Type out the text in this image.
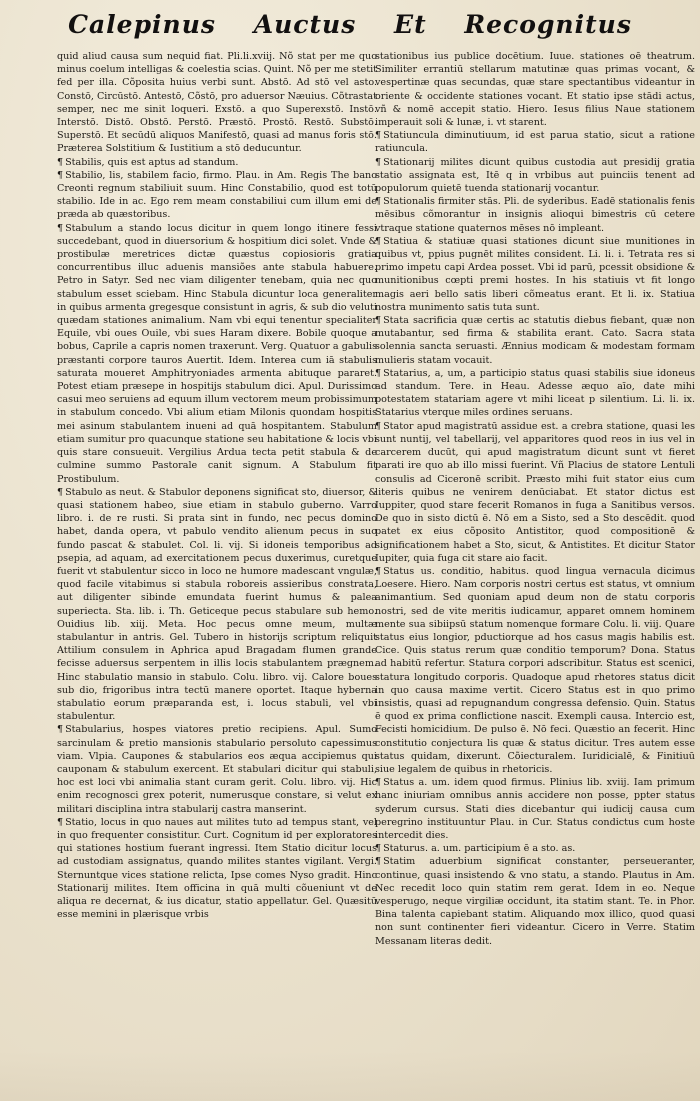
Calepinus Auctus Et Recognitus

quid aliud causa sum nequid fiat. Pli.li.xviij. Nõ stat per me quo minus coelum intelligas & coelestia scias. Quint. Nõ per me stetit fed per illa. Cõposita huius verbi sunt. Abstō. Ad stō vel asto. Constō, Circūstō. Antestō, Cõstō, pro aduersor Næuius. Cõtrastat semper, nec me sinit loqueri. Exstō. a quo Superexstō. Instō. Interstō. Distō. Obstō. Perstō. Præstō. Prostō. Restō. Substō. Superstō. Et secūdū aliquos Manifestō, quasi ad manus foris stō. Præterea Solstitium & Iustitium a stō deducuntur.

¶ Stabilis, quis est aptus ad standum.

¶ Stabilio, lis, stabilem facio, firmo. Plau. in Am. Regis The bano Creonti regnum stabiliuit suum. Hinc Constabilio, quod est totū stabilio. Ide in ac. Ego rem meam constabiliui cum illum emi de præda ab quæstoribus.

¶ Stabulum a stando locus dicitur in quem longo itinere fessi succedebant, quod in diuersorium & hospitium dici solet. Vnde & prostibulæ meretrices dictæ quæstus copiosioris gratia concurrentibus illuc aduenis mansiões ante stabula habuere. Petro in Satyr. Sed nec viam diligenter tenebam, quia nec quo stabulum esset sciebam. Hinc Stabula dicuntur loca generaliter in quibus armenta gregesque consistunt in agris, & sub dio veluti quædam stationes animalium. Nam vbi equi tenentur specialiter Equile, vbi oues Ouile, vbi sues Haram dixere. Bobile quoque a bobus, Caprile a capris nomen traxerunt. Verg. Quatuor a gabulis præstanti corpore tauros Auertit. Idem. Interea cum iā stabulis saturata moueret Amphitryoniades armenta abituque pararet. Potest etiam præsepe in hospitijs stabulum dici. Apul. Durissimo casui meo seruiens ad equum illum vectorem meum probissimum in stabulum concedo. Vbi alium etiam Milonis quondam hospitis mei asinum stabulantem inueni ad quā hospitantem. Stabulum etiam sumitur pro quacunque statione seu habitatione & locis vbi quis stare consueuit. Vergilius Ardua tecta petit stabula & de culmine summo Pastorale canit signum. A Stabulum fit Prostibulum.

¶ Stabulo as neut. & Stabulor deponens significat sto, diuersor, & quasi stationem habeo, siue etiam in stabulo guberno. Varro libro. i. de re rusti. Si prata sint in fundo, nec pecus domino habet, danda opera, vt pabulo vendito alienum pecus in suo fundo pascat & stabulet. Col. li. vij. Si idoneis temporibus ad psepia, ad aquam, ad exercitationem pecus duxerimus, curetque fuerit vt stabulentur sicco in loco ne humore madescant vngulæ, quod facile vitabimus si stabula roboreis assieribus constrata, aut diligenter sibinde emundata fuerint humus & palea superiecta. Sta. lib. i. Th. Geticeque pecus stabulare sub hemo. Ouidius lib. xiij. Meta. Hoc pecus omne meum, multæ stabulantur in antris. Gel. Tubero in historijs scriptum reliquit Attilium consulem in Aphrica apud Bragadam flumen grande fecisse aduersus serpentem in illis locis stabulantem prægnem. Hinc stabulatio mansio in stabulo. Colu. libro. vij. Calore boues sub dio, frigoribus intra tectū manere oportet. Itaque hyberna stabulatio eorum præparanda est, i. locus stabuli, vel vbi stabulentur.

¶ Stabularius, hospes viatores pretio recipiens. Apul. Sumo sarcinulam & pretio mansionis stabulario persoluto capessimus viam. Vlpia. Caupones & stabularios eos æqua accipiemus qui cauponam & stabulum exercent. Et stabulari dicitur qui stabuli, hoc est loci vbi animalia stant curam gerit. Colu. libro. vij. Hic enim recognosci grex poterit, numerusque constare, si velut ex militari disciplina intra stabularij castra manserint.

¶ Statio, locus in quo naues aut milites tuto ad tempus stant, vel in quo frequenter consistitur. Curt. Cognitum id per exploratores qui stationes hostium fuerant ingressi. Item Statio dicitur locus ad custodiam assignatus, quando milites stantes vigilant. Vergi. Sternuntque vices statione relicta, Ipse comes Nyso gradit. Hinc Stationarij milites. Item officina in quā multi cõueniunt vt de aliqua re decernat, & ius dicatur, statio appellatur. Gel. Quæsitū esse memini in plærisque vrbis

stationibus ius publice docētium. Iuue. stationes oē theatrum. Similiter errantiū stellarum matutinæ quas primas vocant, & vespertinæ quas secundas, quæ stare spectantibus videantur in oriente & occidente stationes vocant. Et statio ipse stādi actus, vñ & nomē accepit statio. Hiero. Iesus filius Naue stationem imperauit soli & lunæ, i. vt starent.

¶ Statiuncula diminutiuum, id est parua statio, sicut a ratione ratiuncula.

¶ Stationarij milites dicunt quibus custodia aut presidij gratia statio assignata est, Itē q in vrbibus aut puinciis tenent ad populorum quietē tuenda stationarij vocantur.

¶ Stationalis firmiter stās. Pli. de syderibus. Eadē stationalis fenis mēsibus cõmorantur in insignis alioqui bimestris cū cetere vtraque statione quaternos mēses nō impleant.

¶ Statiua & statiuæ quasi stationes dicunt siue munitiones in quibus vt, ppius pugnēt milites consident. Li. li. i. Tetrata res si primo impetu capi Ardea posset. Vbi id parū, pcessit obsidione & munitionibus cœpti premi hostes. In his statiuis vt fit longo magis aeri bello satis liberi cõmeatus erant. Et li. ix. Statiua nostra munimento satis tuta sunt.

¶ Stata sacrificia quæ certis ac statutis diebus fiebant, quæ non mutabantur, sed firma & stabilita erant. Cato. Sacra stata solennia sancta seruasti. Ænnius modicam & modestam formam mulieris statam vocauit.

¶ Statarius, a, um, a participio status quasi stabilis siue idoneus ad standum. Tere. in Heau. Adesse æquo aīo, date mihi potestatem statariam agere vt mihi liceat p silentium. Li. li. ix. Statarius vterque miles ordines seruans.

¶ Stator apud magistratū assidue est. a crebra statione, quasi les sunt nuntij, vel tabellarij, vel apparitores quod reos in ius vel in carcerem ducūt, qui apud magistratum dicunt sunt vt fieret parati ire quo ab illo missi fuerint. Vñ Placius de statore Lentuli consulis ad Ciceronē scribit. Præsto mihi fuit stator eius cum literis quibus ne venirem denūciabat. Et stator dictus est Iuppiter, quod stare fecerit Romanos in fuga a Sanitibus versos. De quo in sisto dictū ē. Nō em a Sisto, sed a Sto descēdit. quod patet ex eius cõposito Antistitor, quod compositionē & significationem habet a Sto, sicut, & Antistites. Et dicitur Stator Iupiter, quia fuga cit stare aio facit.

¶ Status us. conditio, habitus. quod lingua vernacula dicimus Loesere. Hiero. Nam corporis nostri certus est status, vt omnium animantium. Sed quoniam apud deum non de statu corporis nostri, sed de vite meritis iudicamur, apparet omnem hominem mente sua sibiipsū statum nomenque formare Colu. li. viij. Quare status eius longior, pductiorque ad hos casus magis habilis est. Cice. Quis status rerum quæ conditio temporum? Dona. Status ad habitū refertur. Statura corpori adscribitur. Status est scenici, statura longitudo corporis. Quadoque apud rhetores status dicit in quo causa maxime vertit. Cicero Status est in quo primo insistis, quasi ad repugnandum congressa defensio. Quin. Status ē quod ex prima conflictione nascit. Exempli causa. Intercio est, Fecisti homicidium. De pulso ē. Nō feci. Quæstio an fecerit. Hinc constitutio conjectura lis quæ & status dicitur. Tres autem esse status quidam, dixerunt. Cõiecturalem. Iuridicialē, & Finitiuū siue legalem de quibus in rhetoricis.

¶ Status a. um. idem quod firmus. Plinius lib. xviij. Iam primum hanc iniuriam omnibus annis accidere non posse, ppter status syderum cursus. Stati dies dicebantur qui iudicij causa cum peregrino instituuntur Plau. in Cur. Status condictus cum hoste intercedit dies.

¶ Staturus. a. um. participium ē a sto. as.

¶ Statim aduerbium significat constanter, perseueranter, continue, quasi insistendo & vno statu, a stando. Plautus in Am. Nec recedit loco quin statim rem gerat. Idem in eo. Neque vesperugo, neque virgiliæ occidunt, ita statim stant. Te. in Phor. Bina talenta capiebant statim. Aliquando mox illico, quod quasi non sunt continenter fieri videantur. Cicero in Verre. Statim Messanam literas dedit.
